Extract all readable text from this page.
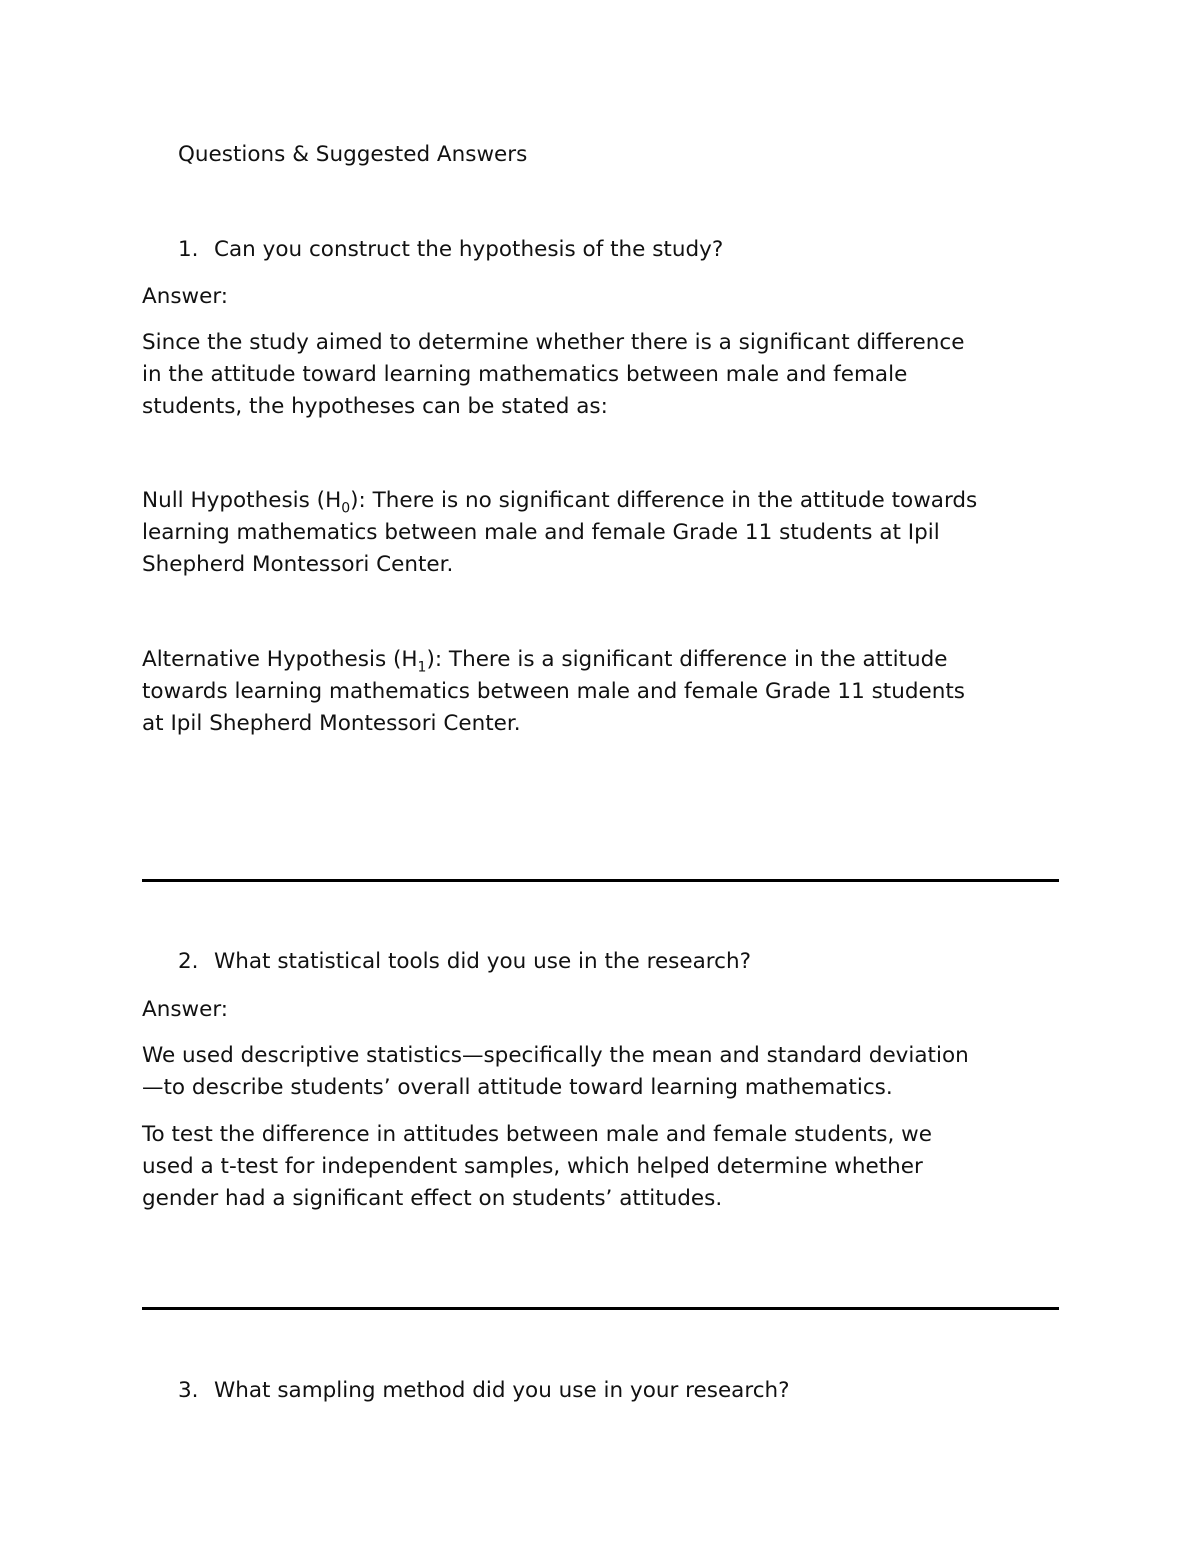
Questions & Suggested Answers

1. Can you construct the hypothesis of the study?

Answer:

Since the study aimed to determine whether there is a significant difference
in the attitude toward learning mathematics between male and female
students, the hypotheses can be stated as:
Null Hypothesis $(H_0)$: There is no significant difference in the attitude towards
learning mathematics between male and female Grade 11 students at Ipil
Shepherd Montessori Center.
Alternative Hypothesis $(H_1)$: There is a significant difference in the attitude
towards learning mathematics between male and female Grade 11 students
at Ipil Shepherd Montessori Center.

2. What statistical tools did you use in the research?

Answer:

We used descriptive statistics—specifically the mean and standard deviation
—to describe students’ overall attitude toward learning mathematics.
To test the difference in attitudes between male and female students, we
used a t-test for independent samples, which helped determine whether
gender had a significant effect on students’ attitudes.

3. What sampling method did you use in your research?
